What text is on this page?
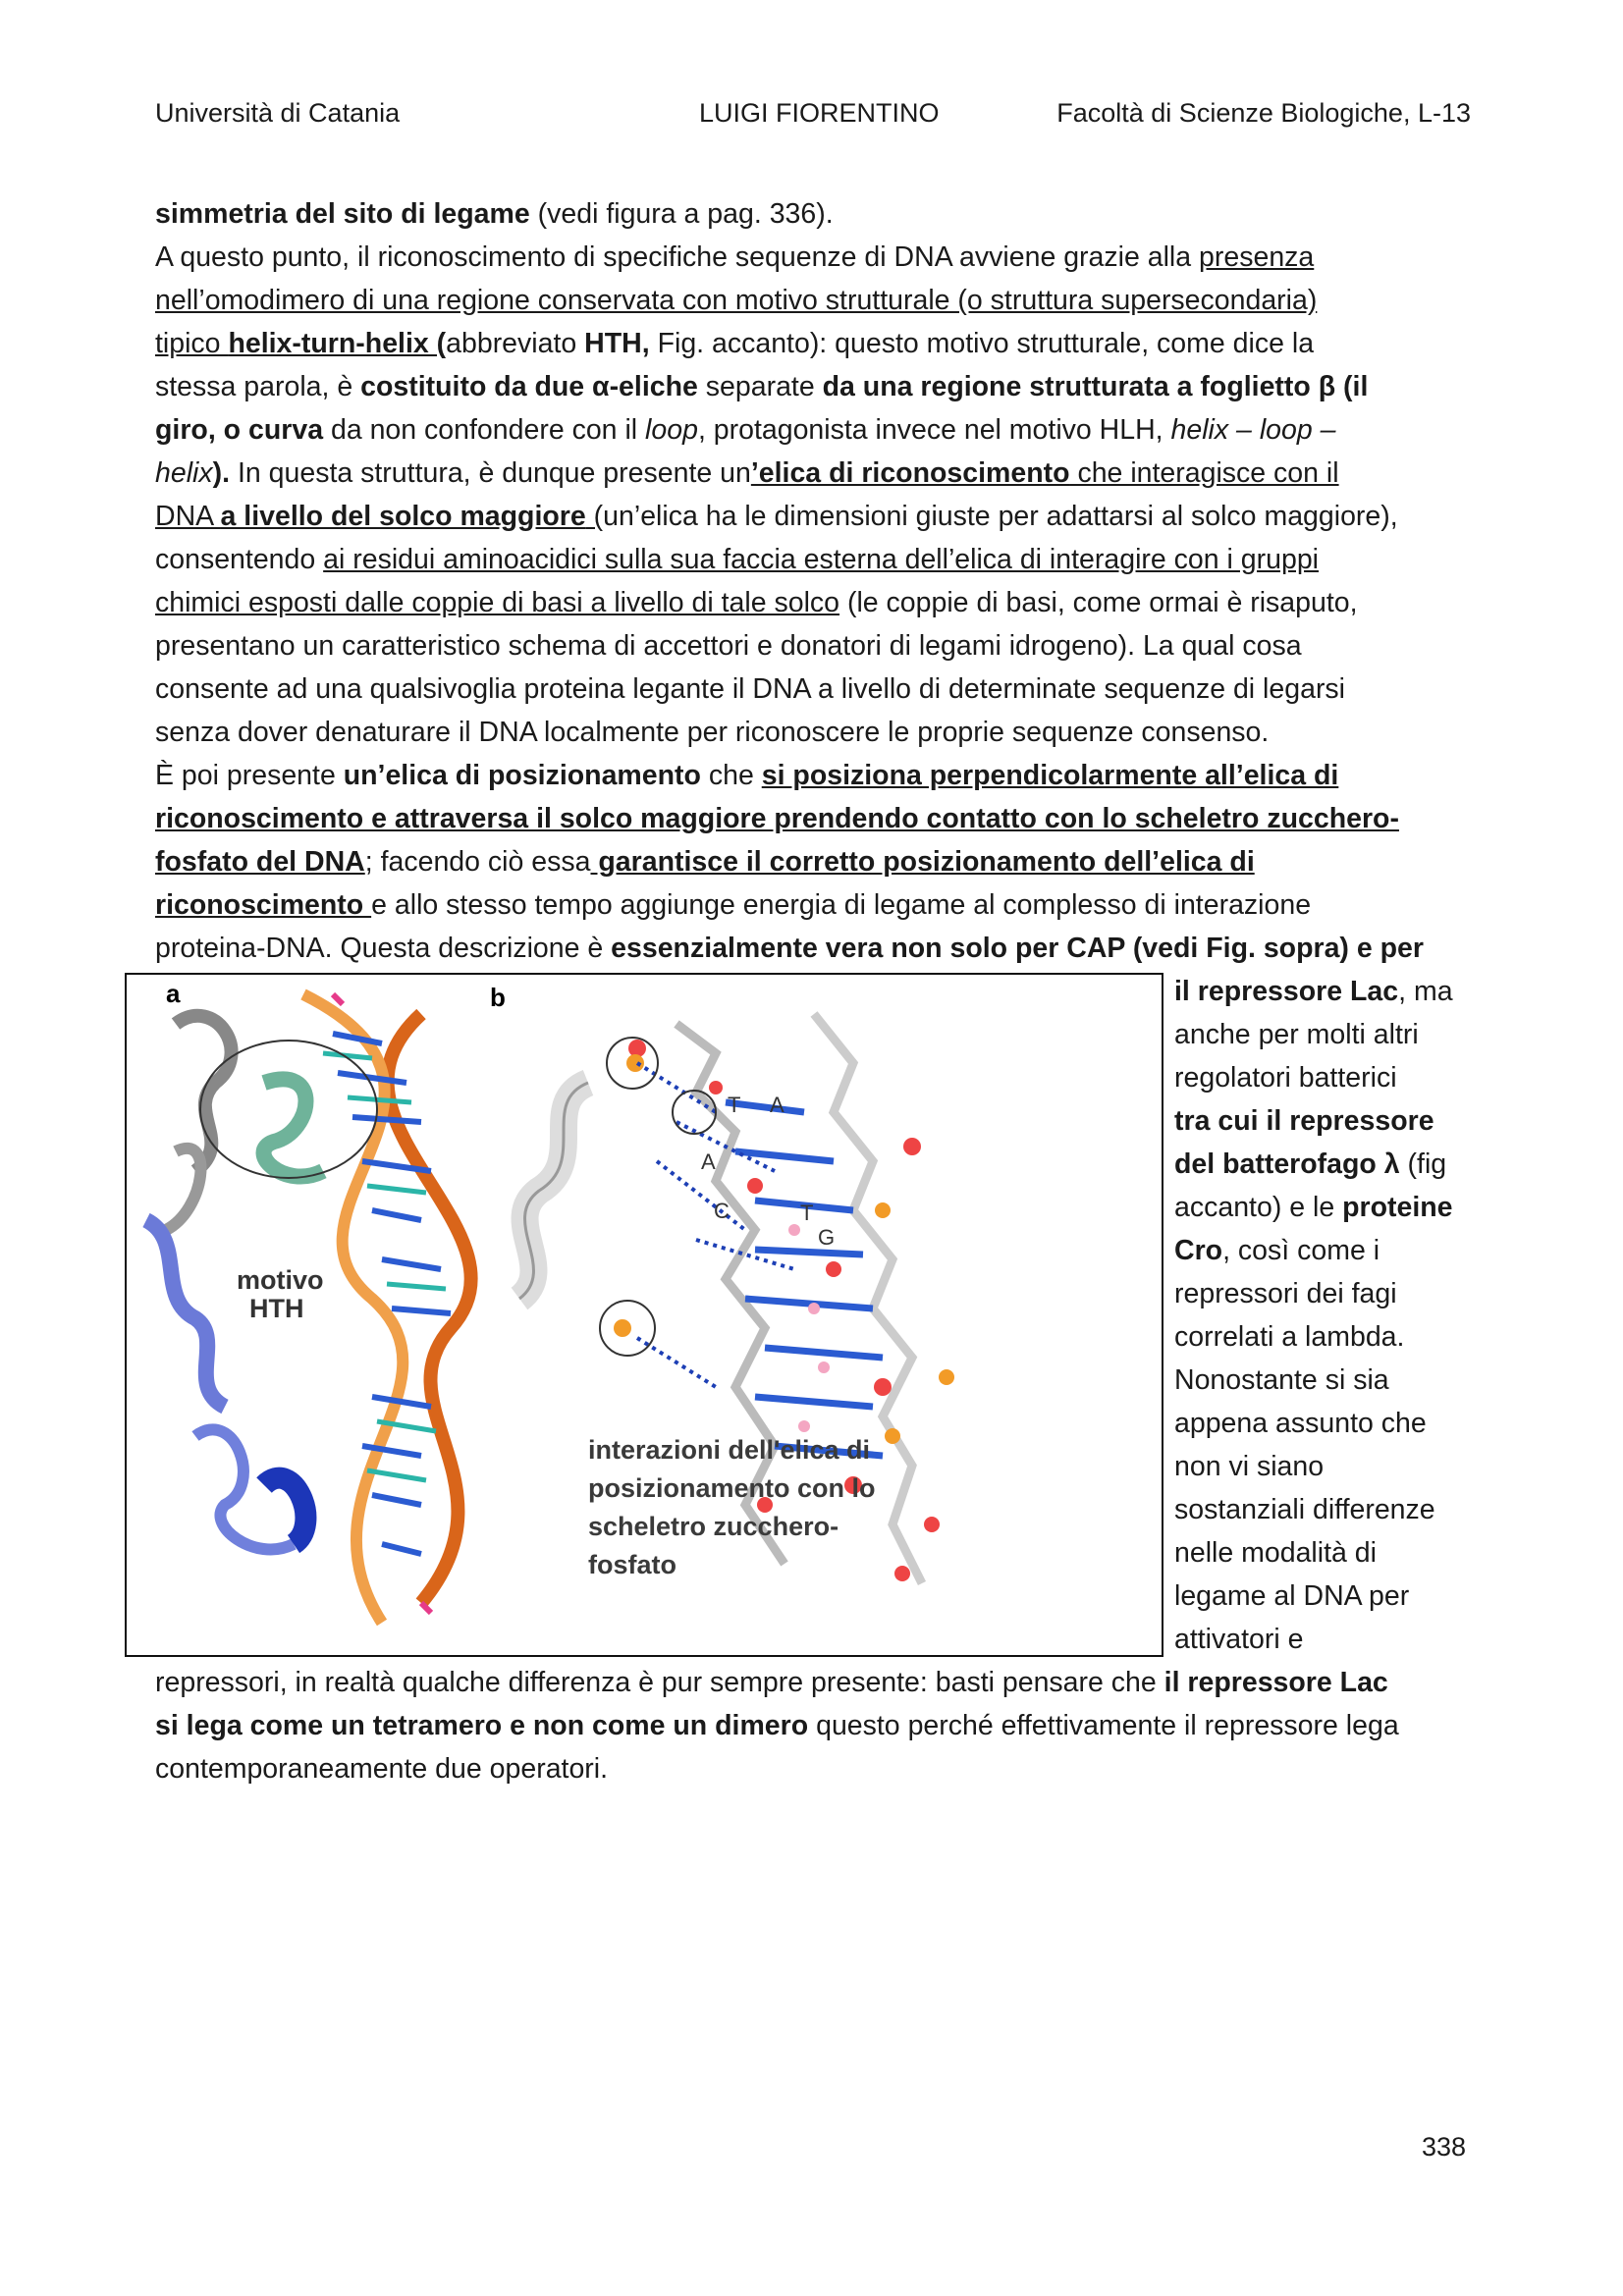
Università di Catania	LUIGI FIORENTINO	Facoltà di Scienze Biologiche, L-13
simmetria del sito di legame (vedi figura a pag. 336).
A questo punto, il riconoscimento di specifiche sequenze di DNA avviene grazie alla presenza
nell’omodimero di una regione conservata con motivo strutturale (o struttura supersecondaria)
tipico helix-turn-helix (abbreviato HTH, Fig. accanto): questo motivo strutturale, come dice la
stessa parola, è costituito da due α-eliche separate da una regione strutturata a foglietto β (il
giro, o curva da non confondere con il loop, protagonista invece nel motivo HLH, helix – loop –
helix). In questa struttura, è dunque presente un’elica di riconoscimento che interagisce con il
DNA a livello del solco maggiore (un’elica ha le dimensioni giuste per adattarsi al solco maggiore),
consentendo ai residui aminoacidici sulla sua faccia esterna dell’elica di interagire con i gruppi
chimici esposti dalle coppie di basi a livello di tale solco (le coppie di basi, come ormai è risaputo,
presentano un caratteristico schema di accettori e donatori di legami idrogeno). La qual cosa
consente ad una qualsivoglia proteina legante il DNA a livello di determinate sequenze di legarsi
senza dover denaturare il DNA localmente per riconoscere le proprie sequenze consenso.
È poi presente un’elica di posizionamento che si posiziona perpendicolarmente all’elica di
riconoscimento e attraversa il solco maggiore prendendo contatto con lo scheletro zucchero-
fosfato del DNA; facendo ciò essa garantisce il corretto posizionamento dell’elica di
riconoscimento e allo stesso tempo aggiunge energia di legame al complesso di interazione
proteina-DNA. Questa descrizione è essenzialmente vera non solo per CAP (vedi Fig. sopra) e per
a
motivo
HTH
b
T A
A
C	T
G
interazioni dell'elica di
posizionamento con lo
scheletro zucchero-
fosfato
il repressore Lac, ma
anche per molti altri
regolatori batterici
tra cui il repressore
del batterofago λ (fig
accanto) e le proteine
Cro, così come i
repressori dei fagi
correlati a lambda.
Nonostante si sia
appena assunto che
non vi siano
sostanziali differenze
nelle modalità di
legame al DNA per
attivatori e
repressori, in realtà qualche differenza è pur sempre presente: basti pensare che il repressore Lac
si lega come un tetramero e non come un dimero questo perché effettivamente il repressore lega
contemporaneamente due operatori.
338
